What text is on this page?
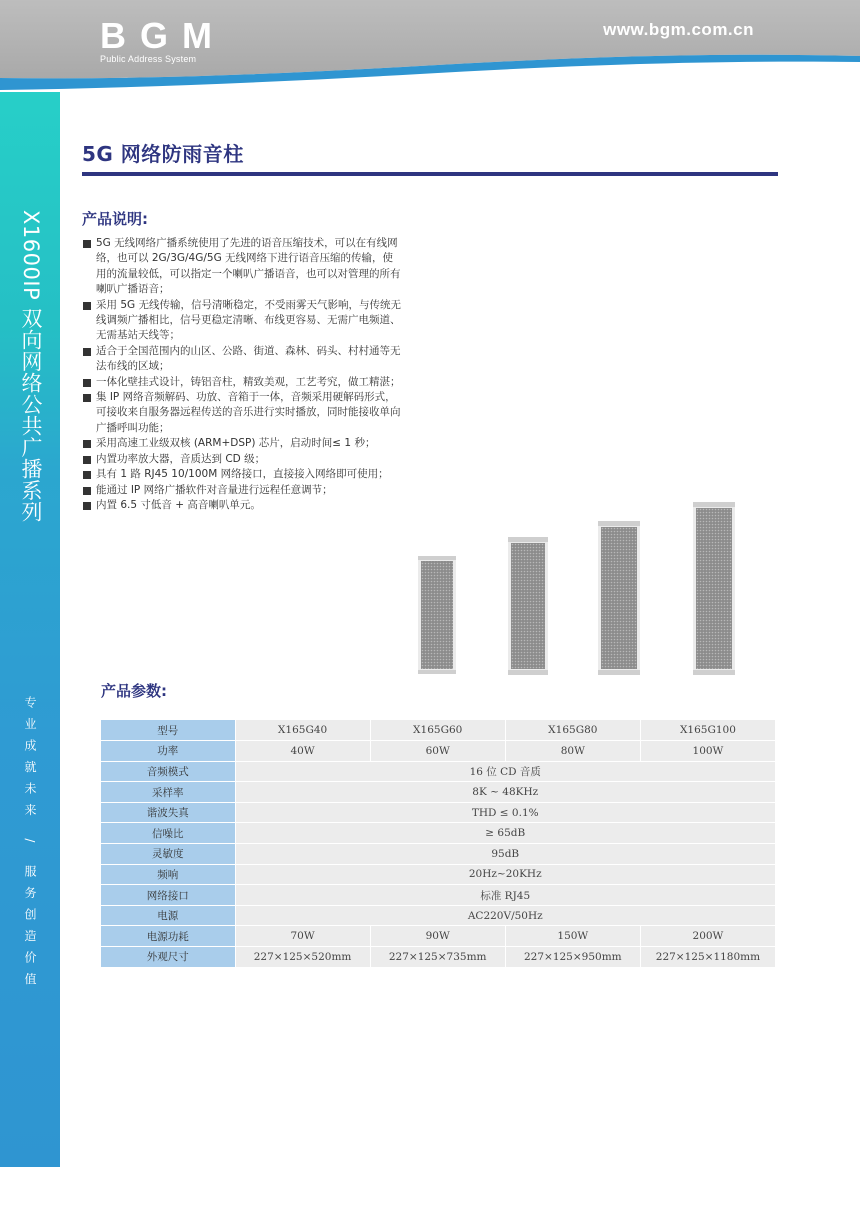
BGM
Public Address System
www.bgm.com.cn
X1600IP 双向网络公共广播系列
专业成就未来 / 服务创造价值
41
5G 网络防雨音柱
产品说明:
5G 无线网络广播系统使用了先进的语音压缩技术，可以在有线网络，也可以 2G/3G/4G/5G 无线网络下进行语音压缩的传输，使用的流量较低，可以指定一个喇叭广播语音，也可以对管理的所有喇叭广播语音；
采用 5G 无线传输，信号清晰稳定，不受雨雾天气影响，与传统无线调频广播相比，信号更稳定清晰、布线更容易、无需广电频道、无需基站天线等；
适合于全国范围内的山区、公路、街道、森林、码头、村村通等无法布线的区域；
一体化壁挂式设计，铸铝音柱，精致美观，工艺考究，做工精湛；
集 IP 网络音频解码、功放、音箱于一体，音频采用硬解码形式，可接收来自服务器远程传送的音乐进行实时播放，同时能接收单向广播呼叫功能；
采用高速工业级双核 (ARM+DSP) 芯片，启动时间≤ 1 秒；
内置功率放大器，音质达到 CD 级；
具有 1 路 RJ45 10/100M 网络接口，直接接入网络即可使用；
能通过 IP 网络广播软件对音量进行远程任意调节；
内置 6.5 寸低音 + 高音喇叭单元。
产品参数:
型号	X165G40	X165G60	X165G80	X165G100
功率	40W	60W	80W	100W
音频模式	16 位 CD 音质			
采样率	8K ~ 48KHz			
谐波失真	THD ≤ 0.1%			
信噪比	≥ 65dB			
灵敏度	95dB			
频响	20Hz~20KHz			
网络接口	标准 RJ45			
电源	AC220V/50Hz			
电源功耗	70W	90W	150W	200W
外观尺寸	227×125×520mm	227×125×735mm	227×125×950mm	227×125×1180mm
